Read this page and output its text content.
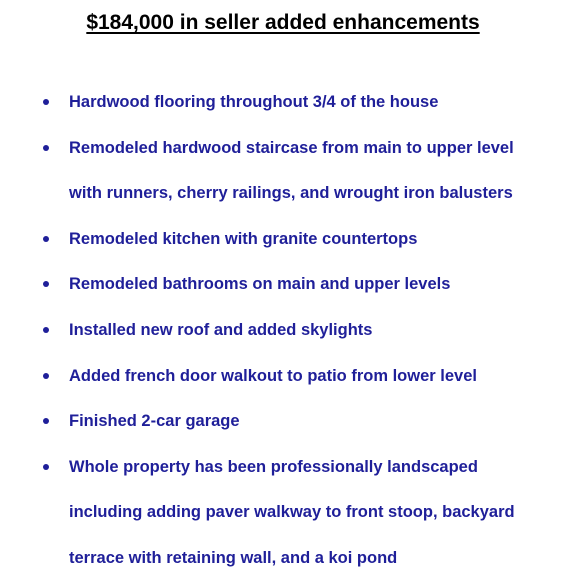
$184,000 in seller added enhancements
Hardwood flooring throughout 3/4 of the house
Remodeled hardwood staircase from main to upper level with runners, cherry railings, and wrought iron balusters
Remodeled kitchen with granite countertops
Remodeled bathrooms on main and upper levels
Installed new roof and added skylights
Added french door walkout to patio from lower level
Finished 2-car garage
Whole property has been professionally landscaped including adding paver walkway to front stoop, backyard terrace with retaining wall, and a koi pond
